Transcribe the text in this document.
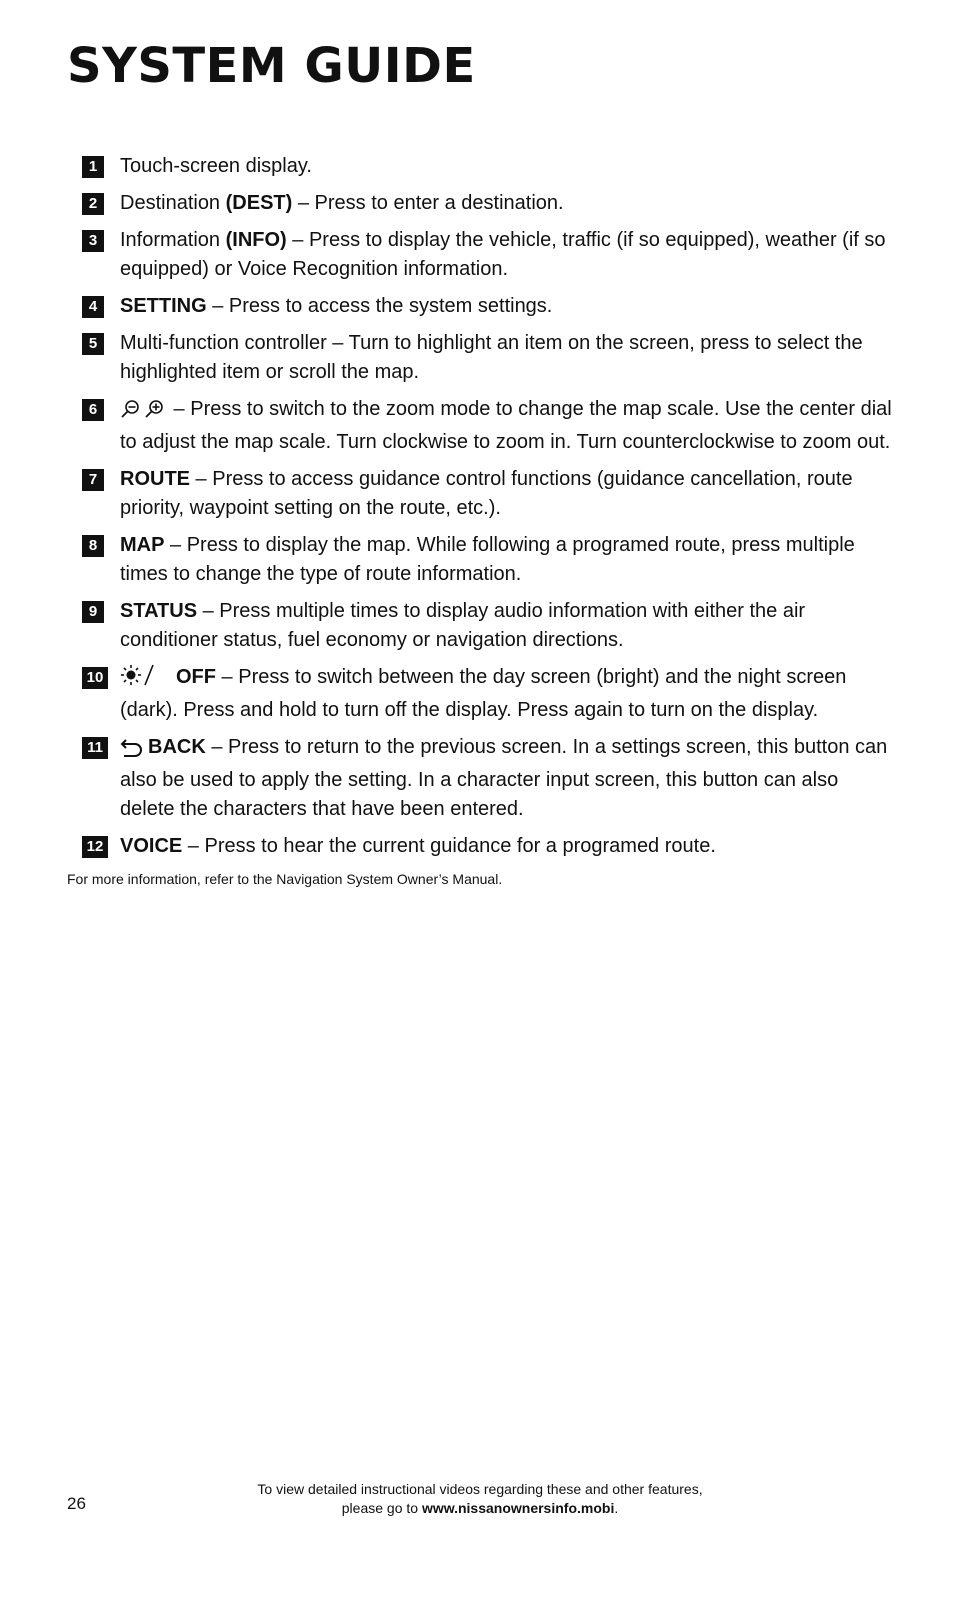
SYSTEM GUIDE
1	Touch-screen display.
2	Destination (DEST) – Press to enter a destination.
3	Information (INFO) – Press to display the vehicle, traffic (if so equipped), weather (if so equipped) or Voice Recognition information.
4	SETTING – Press to access the system settings.
5	Multi-function controller – Turn to highlight an item on the screen, press to select the highlighted item or scroll the map.
6	– Press to switch to the zoom mode to change the map scale. Use the center dial to adjust the map scale. Turn clockwise to zoom in. Turn counterclockwise to zoom out.
7	ROUTE – Press to access guidance control functions (guidance cancellation, route priority, waypoint setting on the route, etc.).
8	MAP – Press to display the map. While following a programed route, press multiple times to change the type of route information.
9	STATUS – Press multiple times to display audio information with either the air conditioner status, fuel economy or navigation directions.
10	OFF – Press to switch between the day screen (bright) and the night screen (dark). Press and hold to turn off the display. Press again to turn on the display.
11 BACK – Press to return to the previous screen. In a settings screen, this button can also be used to apply the setting. In a character input screen, this button can also delete the characters that have been entered.
12 VOICE – Press to hear the current guidance for a programed route.
For more information, refer to the Navigation System Owner’s Manual.
To view detailed instructional videos regarding these and other features,
please go to www.nissanownersinfo.mobi.
26
